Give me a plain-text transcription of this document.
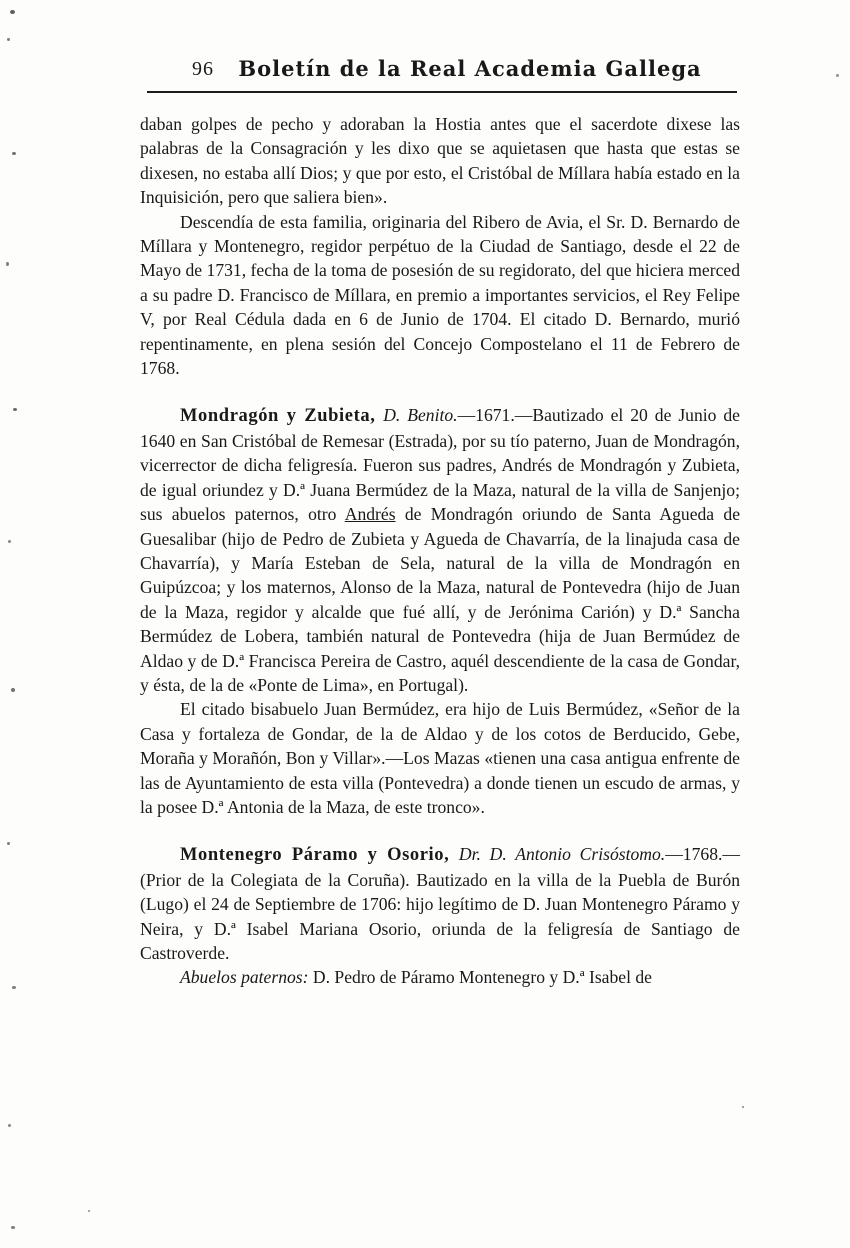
96	Boletín de la Real Academia Gallega

daban golpes de pecho y adoraban la Hostia antes que el sacerdote dixese las palabras de la Consagración y les dixo que se aquietasen que hasta que estas se dixesen, no estaba allí Dios; y que por esto, el Cristóbal de Míllara había estado en la Inquisición, pero que saliera bien».

Descendía de esta familia, originaria del Ribero de Avia, el Sr. D. Bernardo de Míllara y Montenegro, regidor perpétuo de la Ciudad de Santiago, desde el 22 de Mayo de 1731, fecha de la toma de posesión de su regidorato, del que hiciera merced a su padre D. Francisco de Míllara, en premio a importantes servicios, el Rey Felipe V, por Real Cédula dada en 6 de Junio de 1704. El citado D. Bernardo, murió repentinamente, en plena sesión del Concejo Compostelano el 11 de Febrero de 1768.

Mondragón y Zubieta, D. Benito.—1671.—Bautizado el 20 de Junio de 1640 en San Cristóbal de Remesar (Estrada), por su tío paterno, Juan de Mondragón, vicerrector de dicha feligresía. Fueron sus padres, Andrés de Mondragón y Zubieta, de igual oriundez y D.ª Juana Bermúdez de la Maza, natural de la villa de Sanjenjo; sus abuelos paternos, otro Andrés de Mondragón oriundo de Santa Agueda de Guesalibar (hijo de Pedro de Zubieta y Agueda de Chavarría, de la linajuda casa de Chavarría), y María Esteban de Sela, natural de la villa de Mondragón en Guipúzcoa; y los maternos, Alonso de la Maza, natural de Pontevedra (hijo de Juan de la Maza, regidor y alcalde que fué allí, y de Jerónima Carión) y D.ª Sancha Bermúdez de Lobera, también natural de Pontevedra (hija de Juan Bermúdez de Aldao y de D.ª Francisca Pereira de Castro, aquél descendiente de la casa de Gondar, y ésta, de la de «Ponte de Lima», en Portugal).

El citado bisabuelo Juan Bermúdez, era hijo de Luis Bermúdez, «Señor de la Casa y fortaleza de Gondar, de la de Aldao y de los cotos de Berducido, Gebe, Moraña y Morañón, Bon y Villar».—Los Mazas «tienen una casa antigua enfrente de las de Ayuntamiento de esta villa (Pontevedra) a donde tienen un escudo de armas, y la posee D.ª Antonia de la Maza, de este tronco».

Montenegro Páramo y Osorio, Dr. D. Antonio Crisóstomo.—1768.—(Prior de la Colegiata de la Coruña). Bautizado en la villa de la Puebla de Burón (Lugo) el 24 de Septiembre de 1706: hijo legítimo de D. Juan Montenegro Páramo y Neira, y D.ª Isabel Mariana Osorio, oriunda de la feligresía de Santiago de Castroverde.

Abuelos paternos: D. Pedro de Páramo Montenegro y D.ª Isabel de
